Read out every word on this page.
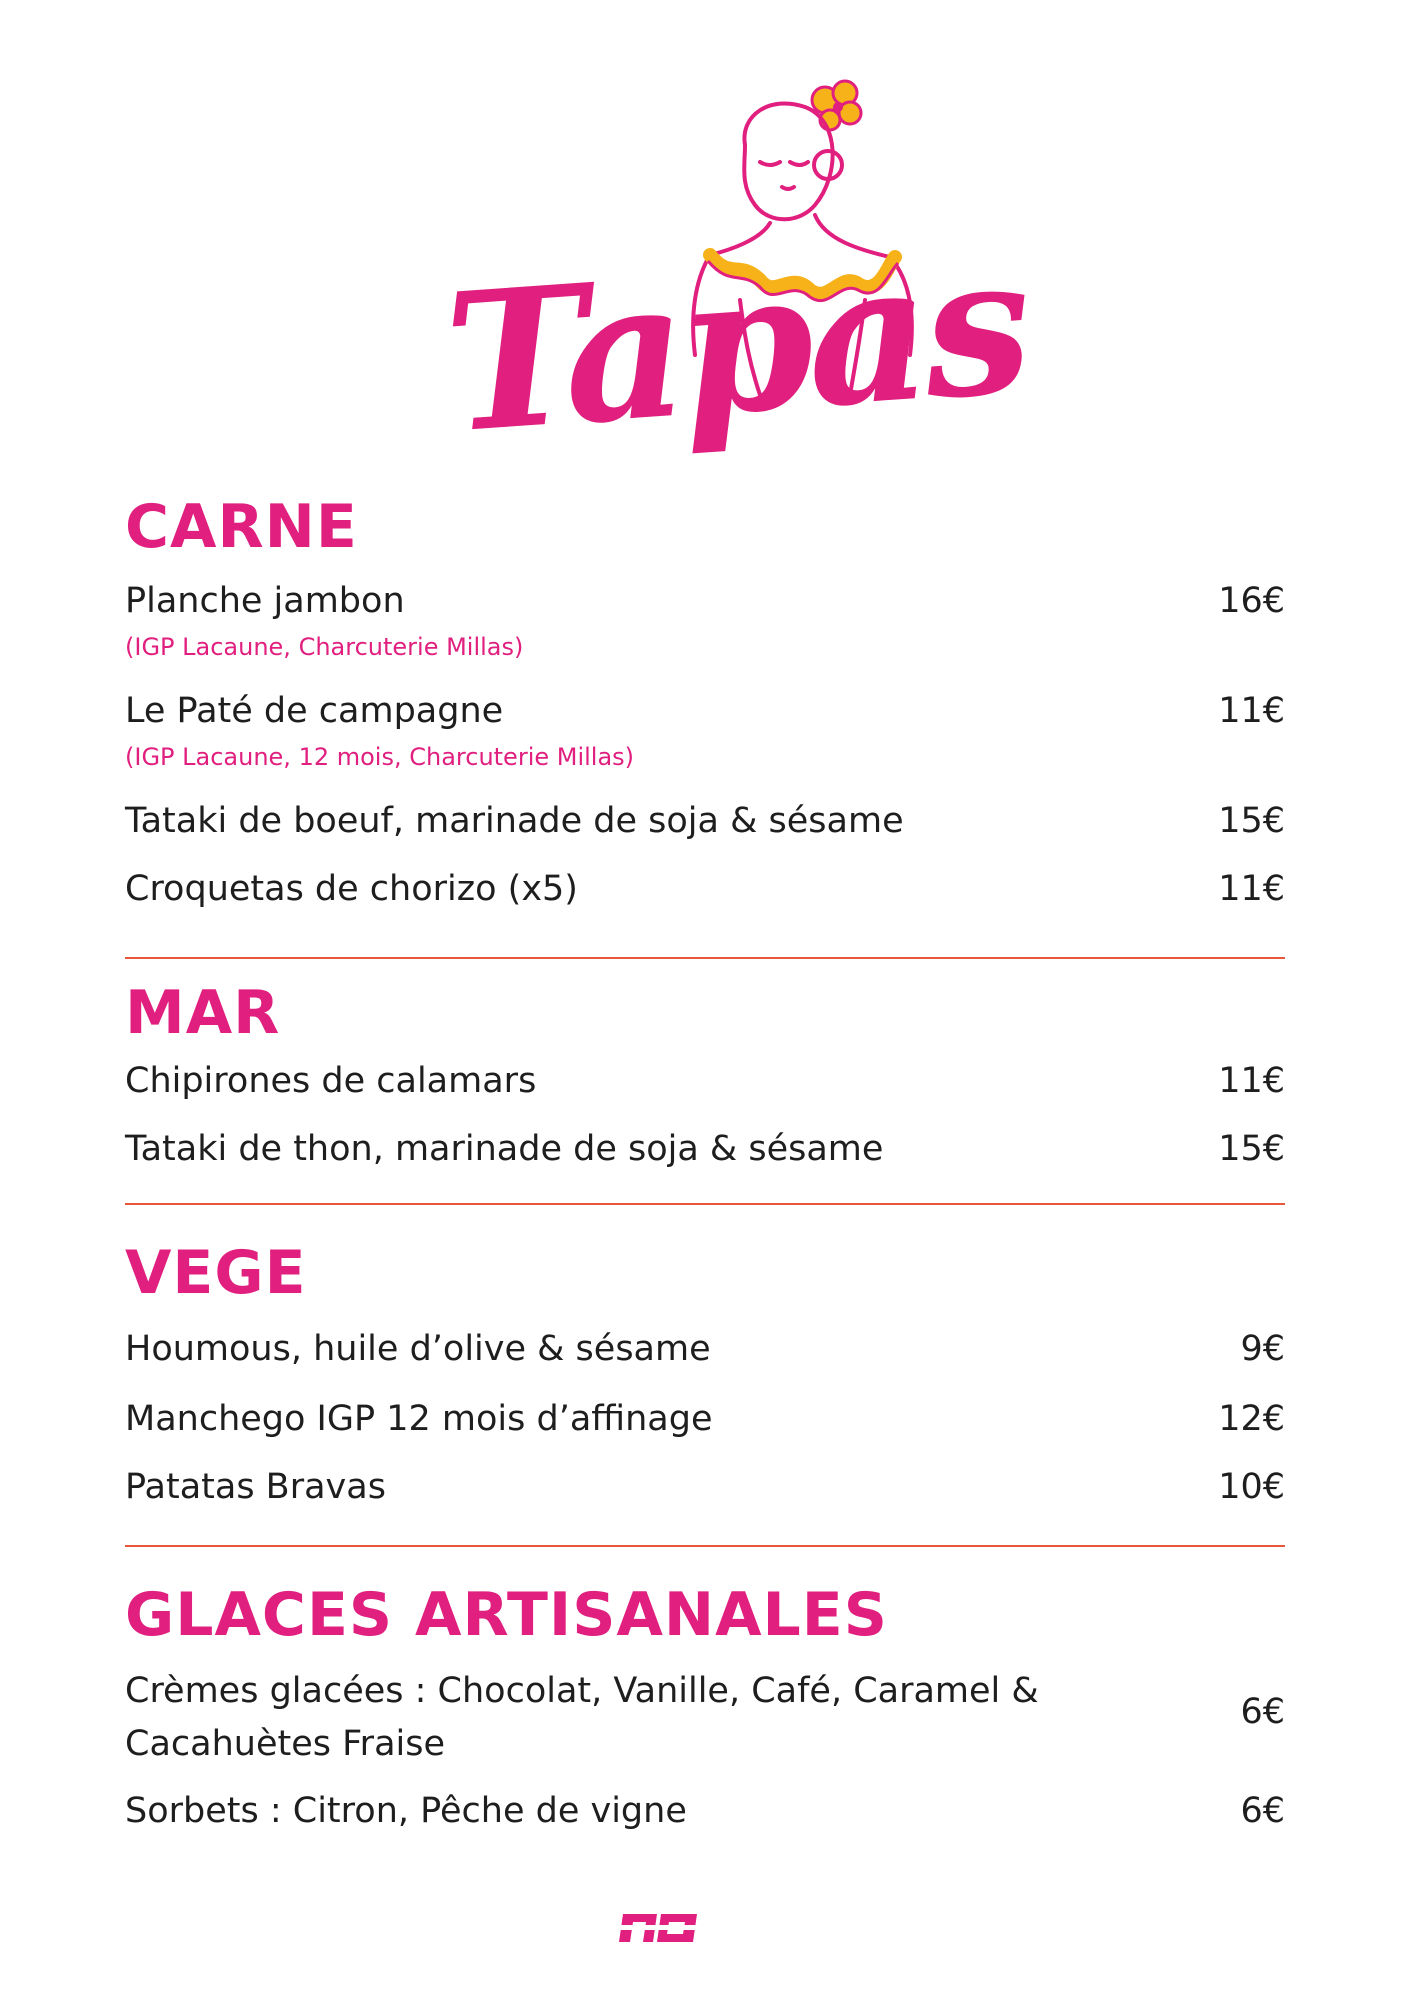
Tapas
CARNE
Planche jambon
(IGP Lacaune, Charcuterie Millas)
16€
Le Paté de campagne
(IGP Lacaune, 12 mois, Charcuterie Millas)
11€
Tataki de boeuf, marinade de soja & sésame	15€
Croquetas de chorizo (x5)	11€
MAR
Chipirones de calamars	11€
Tataki de thon, marinade de soja & sésame	15€
VEGE
Houmous, huile d’olive & sésame	9€
Manchego IGP 12 mois d’affinage	12€
Patatas Bravas	10€
GLACES ARTISANALES
Crèmes glacées : Chocolat, Vanille, Café, Caramel & Cacahuètes Fraise
6€
Sorbets : Citron, Pêche de vigne	6€
